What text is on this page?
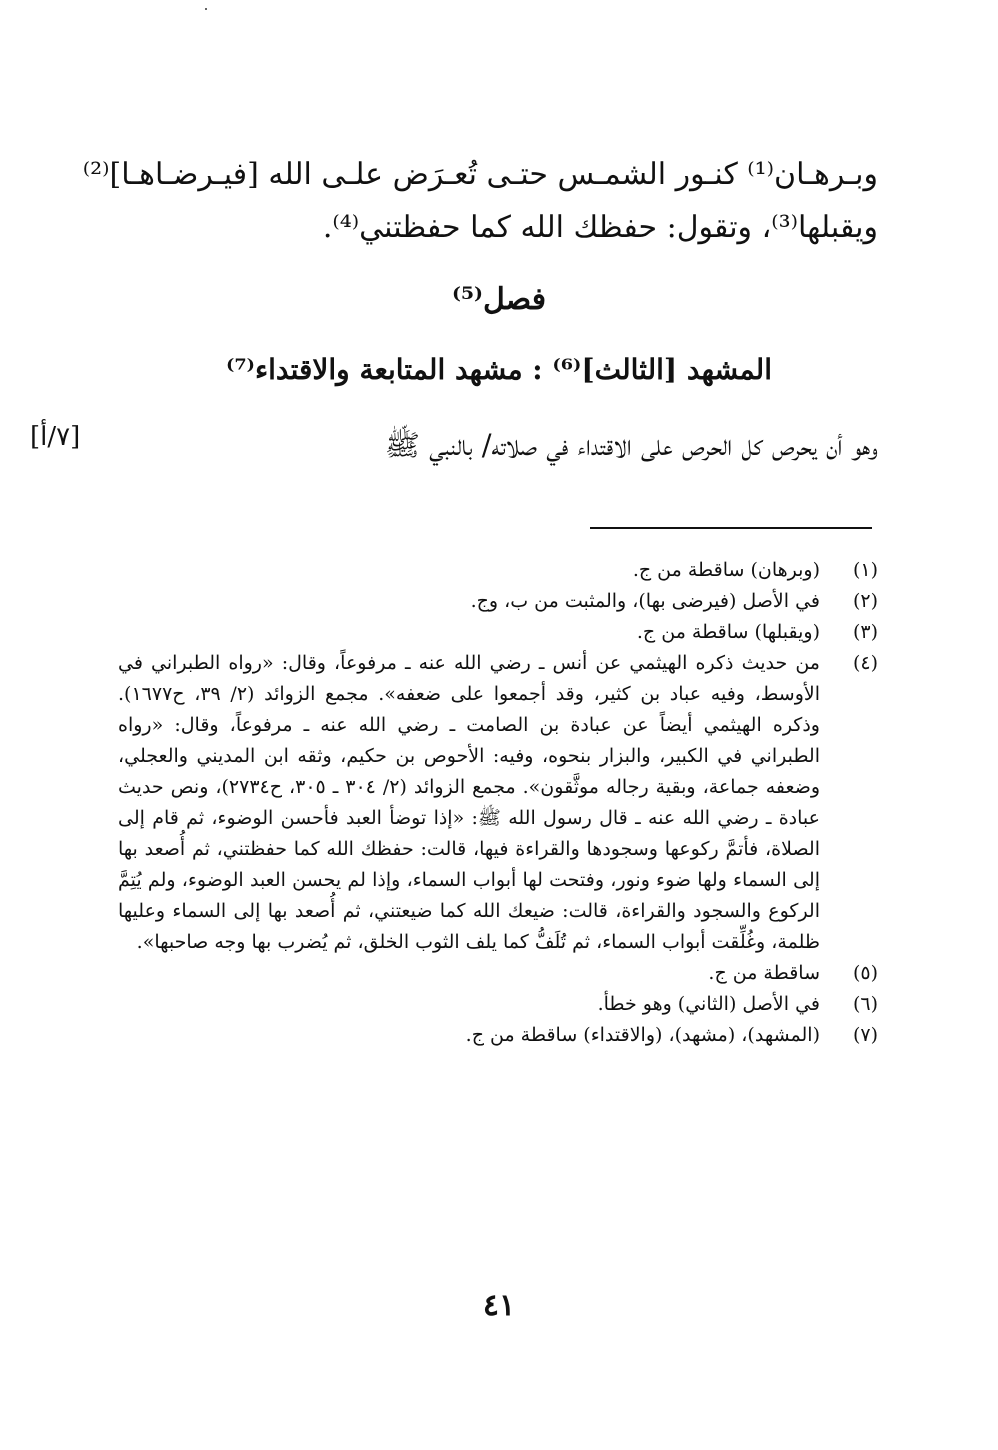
وبـرهـان⁽¹⁾ كنـور الشمـس حتـى تُعـرَض علـى الله [فيـرضـاهـا]⁽²⁾
ويقبلها⁽³⁾، وتقول: حفظك الله كما حفظتني⁽⁴⁾.
فصل⁽⁵⁾
المشهد [الثالث]⁽⁶⁾ : مشهد المتابعة والاقتداء⁽⁷⁾
وهو أن يحرص كل الحرص على الاقتداء في صلاته/ بالنبي ﷺ
[٧/أ]
(١)
(وبرهان) ساقطة من ج.
(٢)
في الأصل (فيرضى بها)، والمثبت من ب، وج.
(٣)
(ويقبلها) ساقطة من ج.
(٤)
من حديث ذكره الهيثمي عن أنس ـ رضي الله عنه ـ مرفوعاً، وقال: «رواه الطبراني في الأوسط، وفيه عباد بن كثير، وقد أجمعوا على ضعفه». مجمع الزوائد (٢/ ٣٩، ح١٦٧٧). وذكره الهيثمي أيضاً عن عبادة بن الصامت ـ رضي الله عنه ـ مرفوعاً، وقال: «رواه الطبراني في الكبير، والبزار بنحوه، وفيه: الأحوص بن حكيم، وثقه ابن المديني والعجلي، وضعفه جماعة، وبقية رجاله موثَّقون». مجمع الزوائد (٢/ ٣٠٤ ـ ٣٠٥، ح٢٧٣٤)، ونص حديث عبادة ـ رضي الله عنه ـ قال رسول الله ﷺ: «إذا توضأ العبد فأحسن الوضوء، ثم قام إلى الصلاة، فأتمَّ ركوعها وسجودها والقراءة فيها، قالت: حفظك الله كما حفظتني، ثم أُصعد بها إلى السماء ولها ضوء ونور، وفتحت لها أبواب السماء، وإذا لم يحسن العبد الوضوء، ولم يُتِمَّ الركوع والسجود والقراءة، قالت: ضيعك الله كما ضيعتني، ثم أُصعد بها إلى السماء وعليها ظلمة، وغُلِّقت أبواب السماء، ثم تُلَفُّ كما يلف الثوب الخلق، ثم يُضرب بها وجه صاحبها».
(٥)
ساقطة من ج.
(٦)
في الأصل (الثاني) وهو خطأ.
(٧)
(المشهد)، (مشهد)، (والاقتداء) ساقطة من ج.
٤١
